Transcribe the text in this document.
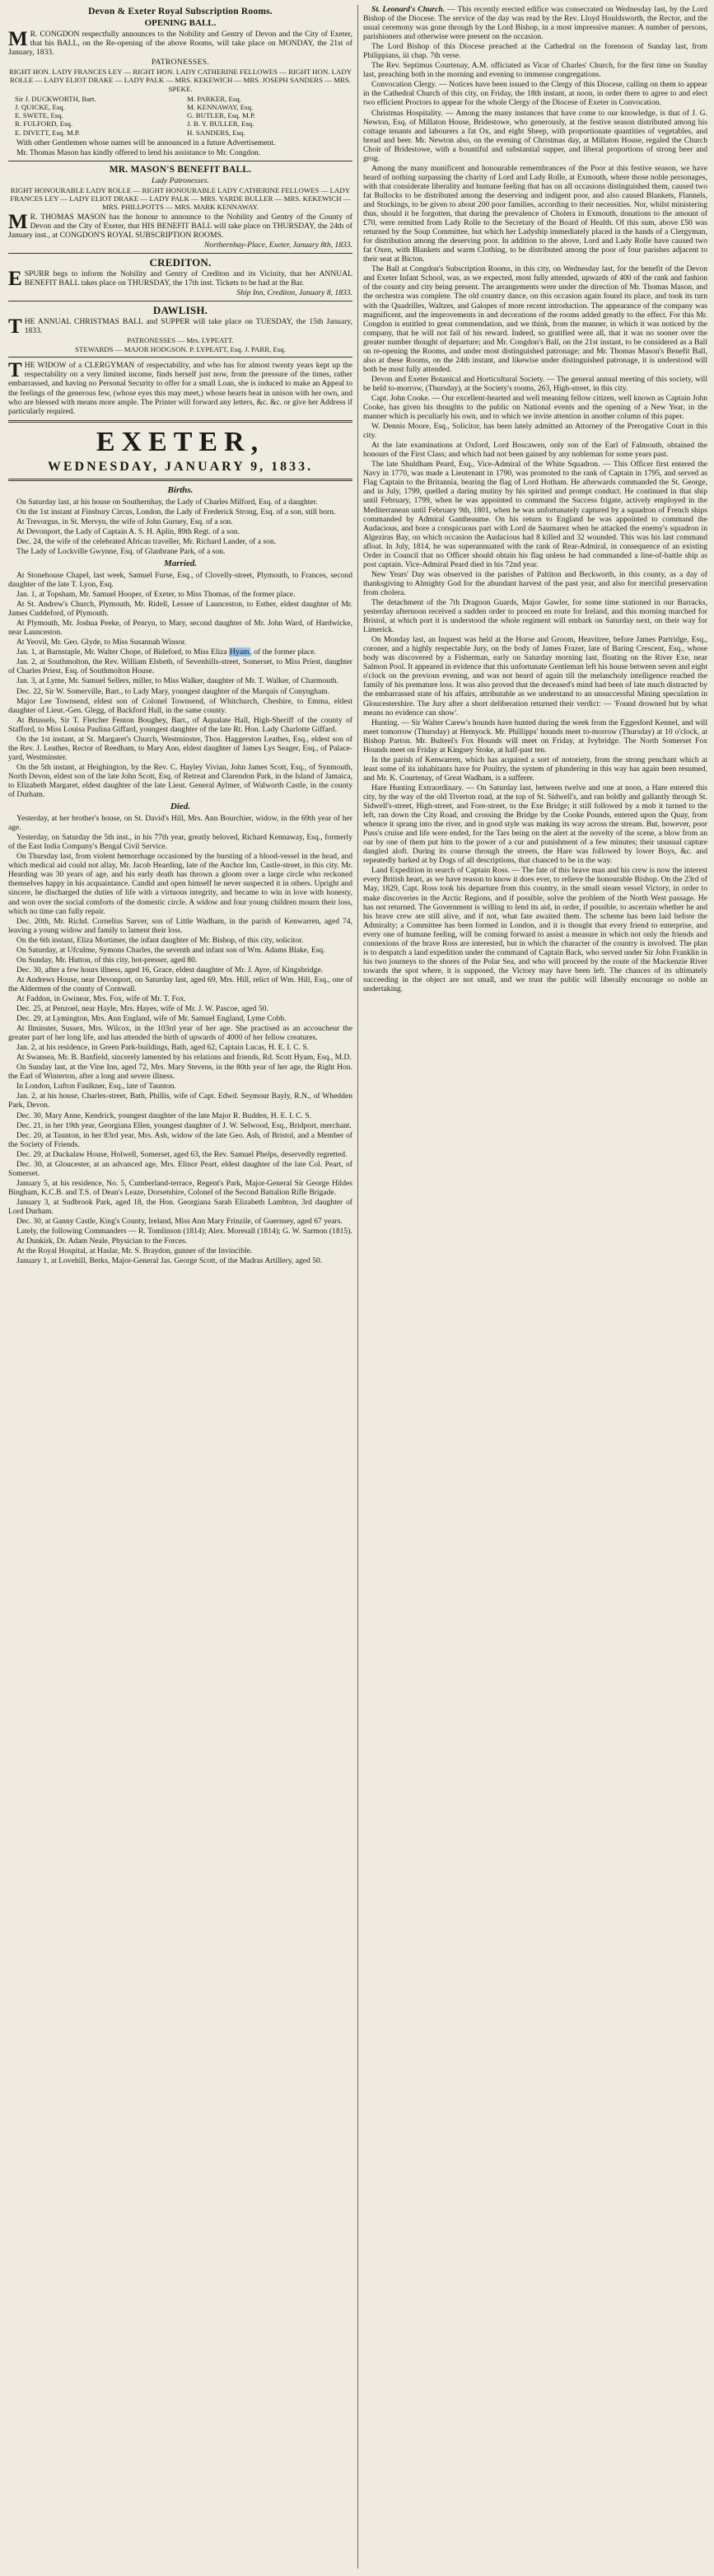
Devon & Exeter Royal Subscription Rooms.
OPENING BALL.

M R. CONGDON respectfully announces to the Nobility and Gentry of Devon and the City of Exeter, that his BALL, on the Re-opening of the above Rooms, will take place on MONDAY, the 21st of January, 1833.

PATRONESSES.
RIGHT HON. LADY FRANCES LEY — RIGHT HON. LADY CATHERINE FELLOWES — RIGHT HON. LADY ROLLE — LADY ELIOT DRAKE — LADY PALK — MRS. KEKEWICH — MRS. JOSEPH SANDERS — MRS. SPEKE.
Sir J. DUCKWORTH, Bart.	M. PARKER, Esq.
J. QUICKE, Esq.	M. KENNAWAY, Esq.
E. SWETE, Esq.	G. BUTLER, Esq. M.P.
R. FULFORD, Esq.	J. B. Y. BULLER, Esq.
E. DIVETT, Esq. M.P.	H. SANDERS, Esq.

With other Gentlemen whose names will be announced in a future Advertisement.

Mr. Thomas Mason has kindly offered to lend his assistance to Mr. Congdon.

MR. MASON'S BENEFIT BALL.
Lady Patronesses.
RIGHT HONOURABLE LADY ROLLE — RIGHT HONOURABLE LADY CATHERINE FELLOWES — LADY FRANCES LEY — LADY ELIOT DRAKE — LADY PALK — MRS. YARDE BULLER — MRS. KEKEWICH — MRS. PHILLPOTTS — MRS. MARK KENNAWAY.

M R. THOMAS MASON has the honour to announce to the Nobility and Gentry of the County of Devon and the City of Exeter, that HIS BENEFIT BALL will take place on THURSDAY, the 24th of January inst., at CONGDON'S ROYAL SUBSCRIPTION ROOMS.

Northernhay-Place, Exeter, January 8th, 1833.

CREDITON.

ESPURR begs to inform the Nobility and Gentry of Crediton and its Vicinity, that her ANNUAL BENEFIT BALL takes place on THURSDAY, the 17th inst. Tickets to be had at the Bar.

Ship Inn, Crediton, January 8, 1833.

DAWLISH.

THE ANNUAL CHRISTMAS BALL and SUPPER will take place on TUESDAY, the 15th January, 1833.

PATRONESSES — Mrs. LYPEATT.
STEWARDS — MAJOR HODGSON. P. LYPEATT, Esq. J. PARR, Esq.

THE WIDOW of a CLERGYMAN of respectability, and who has for almost twenty years kept up the respectability on a very limited income, finds herself just now, from the pressure of the times, rather embarrassed, and having no Personal Security to offer for a small Loan, she is induced to make an Appeal to the feelings of the generous few, (whose eyes this may meet,) whose hearts beat in unison with her own, and who are blessed with means more ample. The Printer will forward any letters, &c. &c. or give her Address if particularly required.

EXETER,
WEDNESDAY, JANUARY 9, 1833.
Births.

On Saturday last, at his house on Southernhay, the Lady of Charles Milford, Esq. of a daughter.

On the 1st instant at Finsbury Circus, London, the Lady of Frederick Strong, Esq. of a son, still born.

At Trevorgus, in St. Mervyn, the wife of John Gurney, Esq. of a son.

At Devonport, the Lady of Captain A. S. H. Aplin, 89th Regt. of a son.

Dec. 24, the wife of the celebrated African traveller, Mr. Richard Lander, of a son.

The Lady of Lockville Gwynne, Esq. of Glanbrane Park, of a son.

Married.

At Stonehouse Chapel, last week, Samuel Furse, Esq., of Clovelly-street, Plymouth, to Frances, second daughter of the late T. Lyon, Esq.

Jan. 1, at Topsham, Mr. Samuel Hooper, of Exeter, to Miss Thomas, of the former place.

At St. Andrew's Church, Plymouth, Mr. Ridell, Lessee of Launceston, to Esther, eldest daughter of Mr. James Cuddeford, of Plymouth.

At Plymouth, Mr. Joshua Peeke, of Penryn, to Mary, second daughter of Mr. John Ward, of Hardwicke, near Launceston.

At Yeovil, Mr. Geo. Glyde, to Miss Susannah Winsor.

Jan. 1, at Barnstaple, Mr. Walter Chope, of Bideford, to Miss Eliza Hyam, of the former place.

Jan. 2, at Southmolton, the Rev. William Elsbeth, of Sevenhills-street, Somerset, to Miss Priest, daughter of Charles Priest, Esq. of Southmolton House.

Jan. 3, at Lyme, Mr. Samuel Sellers, miller, to Miss Walker, daughter of Mr. T. Walker, of Charmouth.

Dec. 22, Sir W. Somerville, Bart., to Lady Mary, youngest daughter of the Marquis of Conyngham.

Major Lee Townsend, eldest son of Colonel Townsend, of Whitchurch, Cheshire, to Emma, eldest daughter of Lieut.-Gen. Glegg, of Backford Hall, in the same county.

At Brussels, Sir T. Fletcher Fenton Boughey, Bart., of Aqualate Hall, High-Sheriff of the county of Stafford, to Miss Louisa Paulina Giffard, youngest daughter of the late Rt. Hon. Lady Charlotte Giffard.

On the 1st instant, at St. Margaret's Church, Westminster, Thos. Haggerston Leathes, Esq., eldest son of the Rev. J. Leathes, Rector of Reedham, to Mary Ann, eldest daughter of James Lys Seager, Esq., of Palace-yard, Westminster.

On the 5th instant, at Heighington, by the Rev. C. Hayley Vivian, John James Scott, Esq., of Synmouth, North Devon, eldest son of the late John Scott, Esq. of Retreat and Clarendon Park, in the Island of Jamaica, to Elizabeth Margaret, eldest daughter of the late Lieut. General Aylmer, of Walworth Castle, in the county of Durham.

Died.

Yesterday, at her brother's house, on St. David's Hill, Mrs. Ann Bourchier, widow, in the 69th year of her age.

Yesterday, on Saturday the 5th inst., in his 77th year, greatly beloved, Richard Kennaway, Esq., formerly of the East India Company's Bengal Civil Service.

On Thursday last, from violent hemorrhage occasioned by the bursting of a blood-vessel in the head, and which medical aid could not allay, Mr. Jacob Hearding, late of the Anchor Inn, Castle-street, in this city. Mr. Hearding was 30 years of age, and his early death has thrown a gloom over a large circle who reckoned themselves happy in his acquaintance. Candid and open himself he never suspected it in others. Upright and sincere, he discharged the duties of life with a virtuous integrity, and became to win in love with honesty, and won over the social comforts of the domestic circle. A widow and four young children mourn their loss, which no time can fully repair.

Dec. 20th, Mr. Richd. Cornelius Sarver, son of Little Wadham, in the parish of Kenwarren, aged 74, leaving a young widow and family to lament their loss.

On the 6th instant, Eliza Mortimer, the infant daughter of Mr. Bishop, of this city, solicitor.

On Saturday, at Ufculme, Symons Charles, the seventh and infant son of Wm. Adams Blake, Esq.

On Sunday, Mr. Hutton, of this city, hot-presser, aged 80.

Dec. 30, after a few hours illness, aged 16, Grace, eldest daughter of Mr. J. Ayre, of Kingsbridge.

At Andrews House, near Devonport, on Saturday last, aged 69, Mrs. Hill, relict of Wm. Hill, Esq., one of the Aldermen of the county of Cornwall.

At Faddon, in Gwinear, Mrs. Fox, wife of Mr. T. Fox.

Dec. 25, at Penzoel, near Hayle, Mrs. Hayes, wife of Mr. J. W. Pascoe, aged 50.

Dec. 29, at Lymington, Mrs. Ann England, wife of Mr. Samuel England, Lyme Cobb.

At Ilminster, Sussex, Mrs. Wilcox, in the 103rd year of her age. She practised as an accoucheur the greater part of her long life, and has attended the birth of upwards of 4000 of her fellow creatures.

Jan. 2, at his residence, in Green Park-buildings, Bath, aged 62, Captain Lucas, H. E. I. C. S.

At Swansea, Mr. B. Banfield, sincerely lamented by his relations and friends, Rd. Scott Hyam, Esq., M.D.

On Sunday last, at the Vine Inn, aged 72, Mrs. Mary Stevens, in the 80th year of her age, the Right Hon. the Earl of Winterton, after a long and severe illness.

In London, Lufton Faulkner, Esq., late of Taunton.

Jan. 2, at his house, Charles-street, Bath, Phillis, wife of Capt. Edwd. Seymour Bayly, R.N., of Whedden Park, Devon.

Dec. 30, Mary Anne, Kendrick, youngest daughter of the late Major R. Budden, H. E. I. C. S.

Dec. 21, in her 19th year, Georgiana Ellen, youngest daughter of J. W. Selwood, Esq., Bridport, merchant.

Dec. 20, at Taunton, in her 83rd year, Mrs. Ash, widow of the late Geo. Ash, of Bristol, and a Member of the Society of Friends.

Dec. 29, at Duckalaw House, Holwell, Somerset, aged 63, the Rev. Samuel Phelps, deservedly regretted.

Dec. 30, at Gloucester, at an advanced age, Mrs. Elinor Peart, eldest daughter of the late Col. Peart, of Somerset.

January 5, at his residence, No. 5, Cumberland-terrace, Regent's Park, Major-General Sir George Hildes Bingham, K.C.B. and T.S. of Dean's Leaze, Dorsetshire, Colonel of the Second Battalion Rifle Brigade.

January 3, at Sudbrook Park, aged 18, the Hon. Georgiana Sarah Elizabeth Lambton, 3rd daughter of Lord Durham.

Dec. 30, at Ganny Castle, King's County, Ireland, Miss Ann Mary Frinzile, of Guernsey, aged 67 years.

Lately, the following Commanders — R. Tomlinson (1814); Alex. Moresall (1814); G. W. Sarmon (1815).

At Dunkirk, Dr. Adam Neale, Physician to the Forces.

At the Royal Hospital, at Haslar, Mr. S. Braydon, gunner of the Invincible.

January 1, at Lovehill, Berks, Major-General Jas. George Scott, of the Madras Artillery, aged 50.

St. Leonard's Church. — This recently erected edifice was consecrated on Wednesday last, by the Lord Bishop of the Diocese. The service of the day was read by the Rev. Lloyd Houldsworth, the Rector, and the usual ceremony was gone through by the Lord Bishop, in a most impressive manner. A number of persons, parishioners and otherwise were present on the occasion.

The Lord Bishop of this Diocese preached at the Cathedral on the forenoon of Sunday last, from Philippians, iii chap. 7th verse.

The Rev. Septimus Courtenay, A.M. officiated as Vicar of Charles' Church, for the first time on Sunday last, preaching both in the morning and evening to immense congregations.

Convocation Clergy. — Notices have been issued to the Clergy of this Diocese, calling on them to appear in the Cathedral Church of this city, on Friday, the 18th instant, at noon, in order there to agree to and elect two efficient Proctors to appear for the whole Clergy of the Diocese of Exeter in Convocation.

Christmas Hospitality. — Among the many instances that have come to our knowledge, is that of J. G. Newton, Esq. of Millaton House, Bridestowe, who generously, at the festive season distributed among his cottage tenants and labourers a fat Ox, and eight Sheep, with proportionate quantities of vegetables, and bread and beer. Mr. Newton also, on the evening of Christmas day, at Millaton House, regaled the Church Choir of Bridestowe, with a bountiful and substantial supper, and liberal proportions of strong beer and grog.

Among the many munificent and honourable remembrances of the Poor at this festive season, we have heard of nothing surpassing the charity of Lord and Lady Rolle, at Exmouth, where those noble personages, with that considerate liberality and humane feeling that has on all occasions distinguished them, caused two fat Bullocks to be distributed among the deserving and indigent poor, and also caused Blankets, Flannels, and Stockings, to be given to about 200 poor families, according to their necessities. Nor, whilst ministering thus, should it be forgotten, that during the prevalence of Cholera in Exmouth, donations to the amount of £70, were remitted from Lady Rolle to the Secretary of the Board of Health. Of this sum, above £50 was returned by the Soup Committee, but which her Ladyship immediately placed in the hands of a Clergyman, for distribution among the deserving poor. In addition to the above, Lord and Lady Rolle have caused two fat Oxen, with Blankets and warm Clothing, to be distributed among the poor of four parishes adjacent to their seat at Bicton.

The Ball at Congdon's Subscription Rooms, in this city, on Wednesday last, for the benefit of the Devon and Exeter Infant School, was, as we expected, most fully attended, upwards of 400 of the rank and fashion of the county and city being present. The arrangements were under the direction of Mr. Thomas Mason, and the orchestra was complete. The old country dance, on this occasion again found its place, and took its turn with the Quadrilles, Waltzes, and Galopes of more recent introduction. The appearance of the company was magnificent, and the improvements in and decorations of the rooms added greatly to the effect. For this Mr. Congdon is entitled to great commendation, and we think, from the manner, in which it was noticed by the company, that he will not fail of his reward. Indeed, so gratified were all, that it was no sooner over the greater number thought of departure; and Mr. Congdon's Ball, on the 21st instant, to be considered as a Ball on re-opening the Rooms, and under most distinguished patronage; and Mr. Thomas Mason's Benefit Ball, also at these Rooms, on the 24th instant, and likewise under distinguished patronage, it is understood will both be most fully attended.

Devon and Exeter Botanical and Horticultural Society. — The general annual meeting of this society, will be held to-morrow, (Thursday), at the Society's rooms, 263, High-street, in this city.

Capt. John Cooke. — Our excellent-hearted and well meaning fellow citizen, well known as Captain John Cooke, has given his thoughts to the public on National events and the opening of a New Year, in the manner which is peculiarly his own, and to which we invite attention in another column of this paper.

W. Dennis Moore, Esq., Solicitor, has been lately admitted an Attorney of the Prerogative Court in this city.

At the late examinations at Oxford, Lord Boscawen, only son of the Earl of Falmouth, obtained the honours of the First Class; and which had not been gained by any nobleman for some years past.

The late Shuldham Peard, Esq., Vice-Admiral of the White Squadron. — This Officer first entered the Navy in 1770, was made a Lieutenant in 1790, was promoted to the rank of Captain in 1795, and served as Flag Captain to the Britannia, bearing the flag of Lord Hotham. He afterwards commanded the St. George, and in July, 1799, quelled a daring mutiny by his spirited and prompt conduct. He continued in that ship until February, 1799, when he was appointed to command the Success frigate, actively employed in the Mediterranean until February 9th, 1801, when he was unfortunately captured by a squadron of French ships commanded by Admiral Gantheaume. On his return to England he was appointed to command the Audacious, and bore a conspicuous part with Lord de Saumarez when he attacked the enemy's squadron in Algeziras Bay, on which occasion the Audacious had 8 killed and 32 wounded. This was his last command afloat. In July, 1814, he was superannuated with the rank of Rear-Admiral, in consequence of an existing Order in Council that no Officer should obtain his flag unless he had commanded a line-of-battle ship as post captain. Vice-Admiral Peard died in his 72nd year.

New Years' Day was observed in the parishes of Paltiton and Beckworth, in this county, as a day of thanksgiving to Almighty God for the abundant harvest of the past year, and also for merciful preservation from cholera.

The detachment of the 7th Dragoon Guards, Major Gawler, for some time stationed in our Barracks, yesterday afternoon received a sudden order to proceed en route for Ireland, and this morning marched for Bristol, at which port it is understood the whole regiment will embark on Saturday next, on their way for Limerick.

On Monday last, an Inquest was held at the Horse and Groom, Heavitree, before James Partridge, Esq., coroner, and a highly respectable Jury, on the body of James Frazer, late of Baring Crescent, Esq., whose body was discovered by a Fisherman, early on Saturday morning last, floating on the River Exe, near Salmon Pool. It appeared in evidence that this unfortunate Gentleman left his house between seven and eight o'clock on the previous evening, and was not heard of again till the melancholy intelligence reached the family of his premature loss. It was also proved that the deceased's mind had been of late much distracted by the embarrassed state of his affairs, attributable as we understand to an unsuccessful Mining speculation in Gloucestershire. The Jury after a short deliberation returned their verdict: — 'Found drowned but by what means no evidence can show'.

Hunting. — Sir Walter Carew's hounds have hunted during the week from the Eggesford Kennel, and will meet tomorrow (Thursday) at Hemyock. Mr. Phillipps' hounds meet to-morrow (Thursday) at 10 o'clock, at Bishop Parton. Mr. Bulteel's Fox Hounds will meet on Friday, at Ivybridge. The North Somerset Fox Hounds meet on Friday at Kingsey Stoke, at half-past ten.

In the parish of Kenwarren, which has acquired a sort of notoriety, from the strong penchant which at least some of its inhabitants have for Poultry, the system of plundering in this way has again been resumed, and Mr. K. Courtenay, of Great Wadham, is a sufferer.

Hare Hunting Extraordinary. — On Saturday last, between twelve and one at noon, a Hare entered this city, by the way of the old Tiverton road, at the top of St. Sidwell's, and ran boldly and gallantly through St. Sidwell's-street, High-street, and Fore-street, to the Exe Bridge; it still followed by a mob it turned to the left, ran down the City Road, and crossing the Bridge by the Cooke Pounds, entered upon the Quay, from whence it sprang into the river, and in good style was making its way across the stream. But, however, poor Puss's cruise and life were ended, for the Tars being on the alert at the novelty of the scene, a blow from an oar by one of them put him to the power of a cur and punishment of a few minutes; their unusual capture dangled aloft. During its course through the streets, the Hare was followed by lower Boys, &c. and repeatedly barked at by Dogs of all descriptions, that chanced to be in the way.

Land Expedition in search of Captain Ross. — The fate of this brave man and his crew is now the interest every British heart, as we have reason to know it does ever, to relieve the honourable Bishop. On the 23rd of May, 1829, Capt. Ross took his departure from this country, in the small steam vessel Victory, in order to make discoveries in the Arctic Regions, and if possible, solve the problem of the North West passage. He has not returned. The Government is willing to lend its aid, in order, if possible, to ascertain whether he and his brave crew are still alive, and if not, what fate awaited them. The scheme has been laid before the Admiralty; a Committee has been formed in London, and it is thought that every friend to enterprise, and every one of humane feeling, will be coming forward to assist a measure in which not only the friends and connexions of the brave Ross are interested, but in which the character of the country is involved. The plan is to despatch a land expedition under the command of Captain Back, who served under Sir John Franklin in his two journeys to the shores of the Polar Sea, and who will proceed by the route of the Mackenzie River towards the spot where, it is supposed, the Victory may have been left. The chances of its ultimately succeeding in the object are not small, and we trust the public will liberally encourage so noble an undertaking.
